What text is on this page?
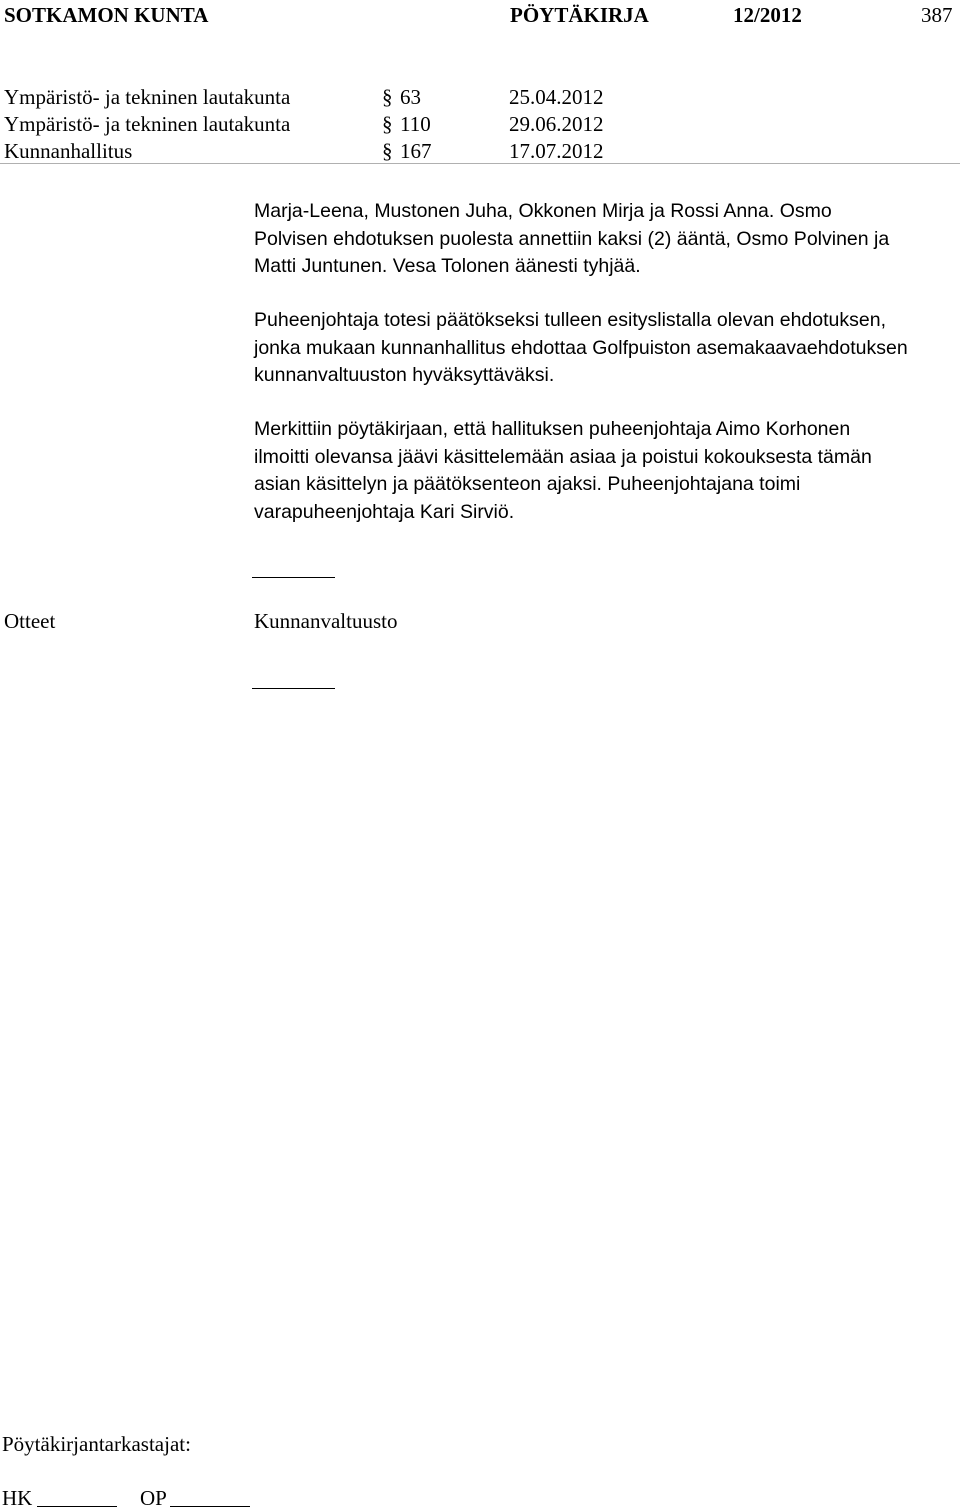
SOTKAMON KUNTA	PÖYTÄKIRJA	12/2012	387
Ympäristö- ja tekninen lautakunta	§ 63	25.04.2012
Ympäristö- ja tekninen lautakunta	§ 110	29.06.2012
Kunnanhallitus	§ 167	17.07.2012
Marja-Leena, Mustonen Juha, Okkonen Mirja ja Rossi Anna. Osmo
Polvisen ehdotuksen puolesta annettiin kaksi (2) ääntä, Osmo Polvinen ja
Matti Juntunen. Vesa Tolonen äänesti tyhjää.
Puheenjohtaja totesi päätökseksi tulleen esityslistalla olevan ehdotuksen,
jonka mukaan kunnanhallitus ehdottaa Golfpuiston asemakaavaehdotuksen
kunnanvaltuuston hyväksyttäväksi.
Merkittiin pöytäkirjaan, että hallituksen puheenjohtaja Aimo Korhonen
ilmoitti olevansa jäävi käsittelemään asiaa ja poistui kokouksesta tämän
asian käsittelyn ja päätöksenteon ajaksi. Puheenjohtajana toimi
varapuheenjohtaja Kari Sirviö.
Otteet	Kunnanvaltuusto
Pöytäkirjantarkastajat:
HK	OP
